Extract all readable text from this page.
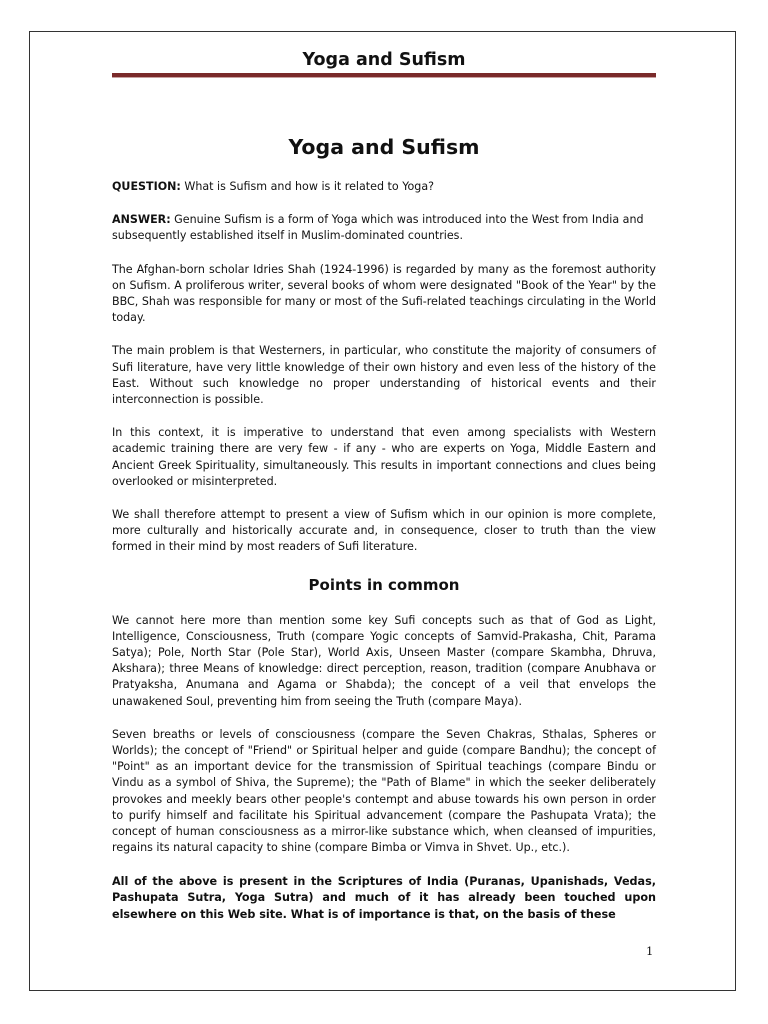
Yoga and Sufism
Yoga and Sufism

QUESTION: What is Sufism and how is it related to Yoga?

ANSWER: Genuine Sufism is a form of Yoga which was introduced into the West from India and subsequently established itself in Muslim-dominated countries.

The Afghan-born scholar Idries Shah (1924-1996) is regarded by many as the foremost authority on Sufism. A proliferous writer, several books of whom were designated "Book of the Year" by the BBC, Shah was responsible for many or most of the Sufi-related teachings circulating in the World today.

The main problem is that Westerners, in particular, who constitute the majority of consumers of Sufi literature, have very little knowledge of their own history and even less of the history of the East. Without such knowledge no proper understanding of historical events and their interconnection is possible.

In this context, it is imperative to understand that even among specialists with Western academic training there are very few - if any - who are experts on Yoga, Middle Eastern and Ancient Greek Spirituality, simultaneously. This results in important connections and clues being overlooked or misinterpreted.

We shall therefore attempt to present a view of Sufism which in our opinion is more complete, more culturally and historically accurate and, in consequence, closer to truth than the view formed in their mind by most readers of Sufi literature.

Points in common

We cannot here more than mention some key Sufi concepts such as that of God as Light, Intelligence, Consciousness, Truth (compare Yogic concepts of Samvid-Prakasha, Chit, Parama Satya); Pole, North Star (Pole Star), World Axis, Unseen Master (compare Skambha, Dhruva, Akshara); three Means of knowledge: direct perception, reason, tradition (compare Anubhava or Pratyaksha, Anumana and Agama or Shabda); the concept of a veil that envelops the unawakened Soul, preventing him from seeing the Truth (compare Maya).

Seven breaths or levels of consciousness (compare the Seven Chakras, Sthalas, Spheres or Worlds); the concept of "Friend" or Spiritual helper and guide (compare Bandhu); the concept of "Point" as an important device for the transmission of Spiritual teachings (compare Bindu or Vindu as a symbol of Shiva, the Supreme); the "Path of Blame" in which the seeker deliberately provokes and meekly bears other people's contempt and abuse towards his own person in order to purify himself and facilitate his Spiritual advancement (compare the Pashupata Vrata); the concept of human consciousness as a mirror-like substance which, when cleansed of impurities, regains its natural capacity to shine (compare Bimba or Vimva in Shvet. Up., etc.).

All of the above is present in the Scriptures of India (Puranas, Upanishads, Vedas, Pashupata Sutra, Yoga Sutra) and much of it has already been touched upon elsewhere on this Web site. What is of importance is that, on the basis of these

1
